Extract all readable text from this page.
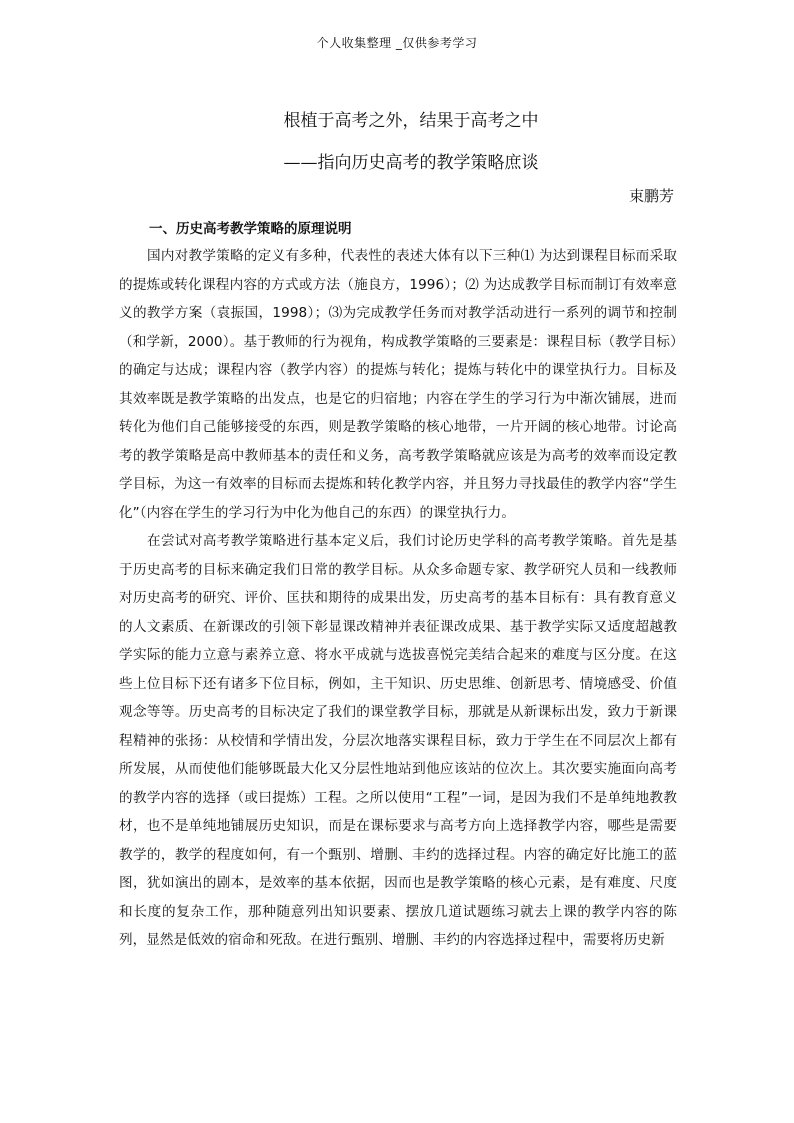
个人收集整理 _仅供参考学习
根植于高考之外，结果于高考之中
——指向历史高考的教学策略庶谈
束鹏芳
一、历史高考教学策略的原理说明

国内对教学策略的定义有多种，代表性的表述大体有以下三种⑴ 为达到课程目标而采取的提炼或转化课程内容的方式或方法（施良方，1996）；⑵ 为达成教学目标而制订有效率意义的教学方案（袁振国，1998）；⑶为完成教学任务而对教学活动进行一系列的调节和控制（和学新，2000）。基于教师的行为视角，构成教学策略的三要素是：课程目标（教学目标）的确定与达成；课程内容（教学内容）的提炼与转化；提炼与转化中的课堂执行力。目标及其效率既是教学策略的出发点，也是它的归宿地；内容在学生的学习行为中渐次铺展，进而转化为他们自己能够接受的东西，则是教学策略的核心地带，一片开阔的核心地带。讨论高考的教学策略是高中教师基本的责任和义务，高考教学策略就应该是为高考的效率而设定教学目标，为这一有效率的目标而去提炼和转化教学内容，并且努力寻找最佳的教学内容“学生化”（内容在学生的学习行为中化为他自己的东西）的课堂执行力。

在尝试对高考教学策略进行基本定义后，我们讨论历史学科的高考教学策略。首先是基于历史高考的目标来确定我们日常的教学目标。从众多命题专家、教学研究人员和一线教师对历史高考的研究、评价、匡扶和期待的成果出发，历史高考的基本目标有：具有教育意义的人文素质、在新课改的引领下彰显课改精神并表征课改成果、基于教学实际又适度超越教学实际的能力立意与素养立意、将水平成就与选拔喜悦完美结合起来的难度与区分度。在这些上位目标下还有诸多下位目标，例如，主干知识、历史思维、创新思考、情境感受、价值观念等等。历史高考的目标决定了我们的课堂教学目标，那就是从新课标出发，致力于新课程精神的张扬：从校情和学情出发，分层次地落实课程目标，致力于学生在不同层次上都有所发展，从而使他们能够既最大化又分层性地站到他应该站的位次上。其次要实施面向高考的教学内容的选择（或曰提炼）工程。之所以使用“工程”一词，是因为我们不是单纯地教教材，也不是单纯地铺展历史知识，而是在课标要求与高考方向上选择教学内容，哪些是需要教学的，教学的程度如何，有一个甄别、增删、丰约的选择过程。内容的确定好比施工的蓝图，犹如演出的剧本，是效率的基本依据，因而也是教学策略的核心元素，是有难度、尺度和长度的复杂工作，那种随意列出知识要素、摆放几道试题练习就去上课的教学内容的陈列，显然是低效的宿命和死敌。在进行甄别、增删、丰约的内容选择过程中，需要将历史新
